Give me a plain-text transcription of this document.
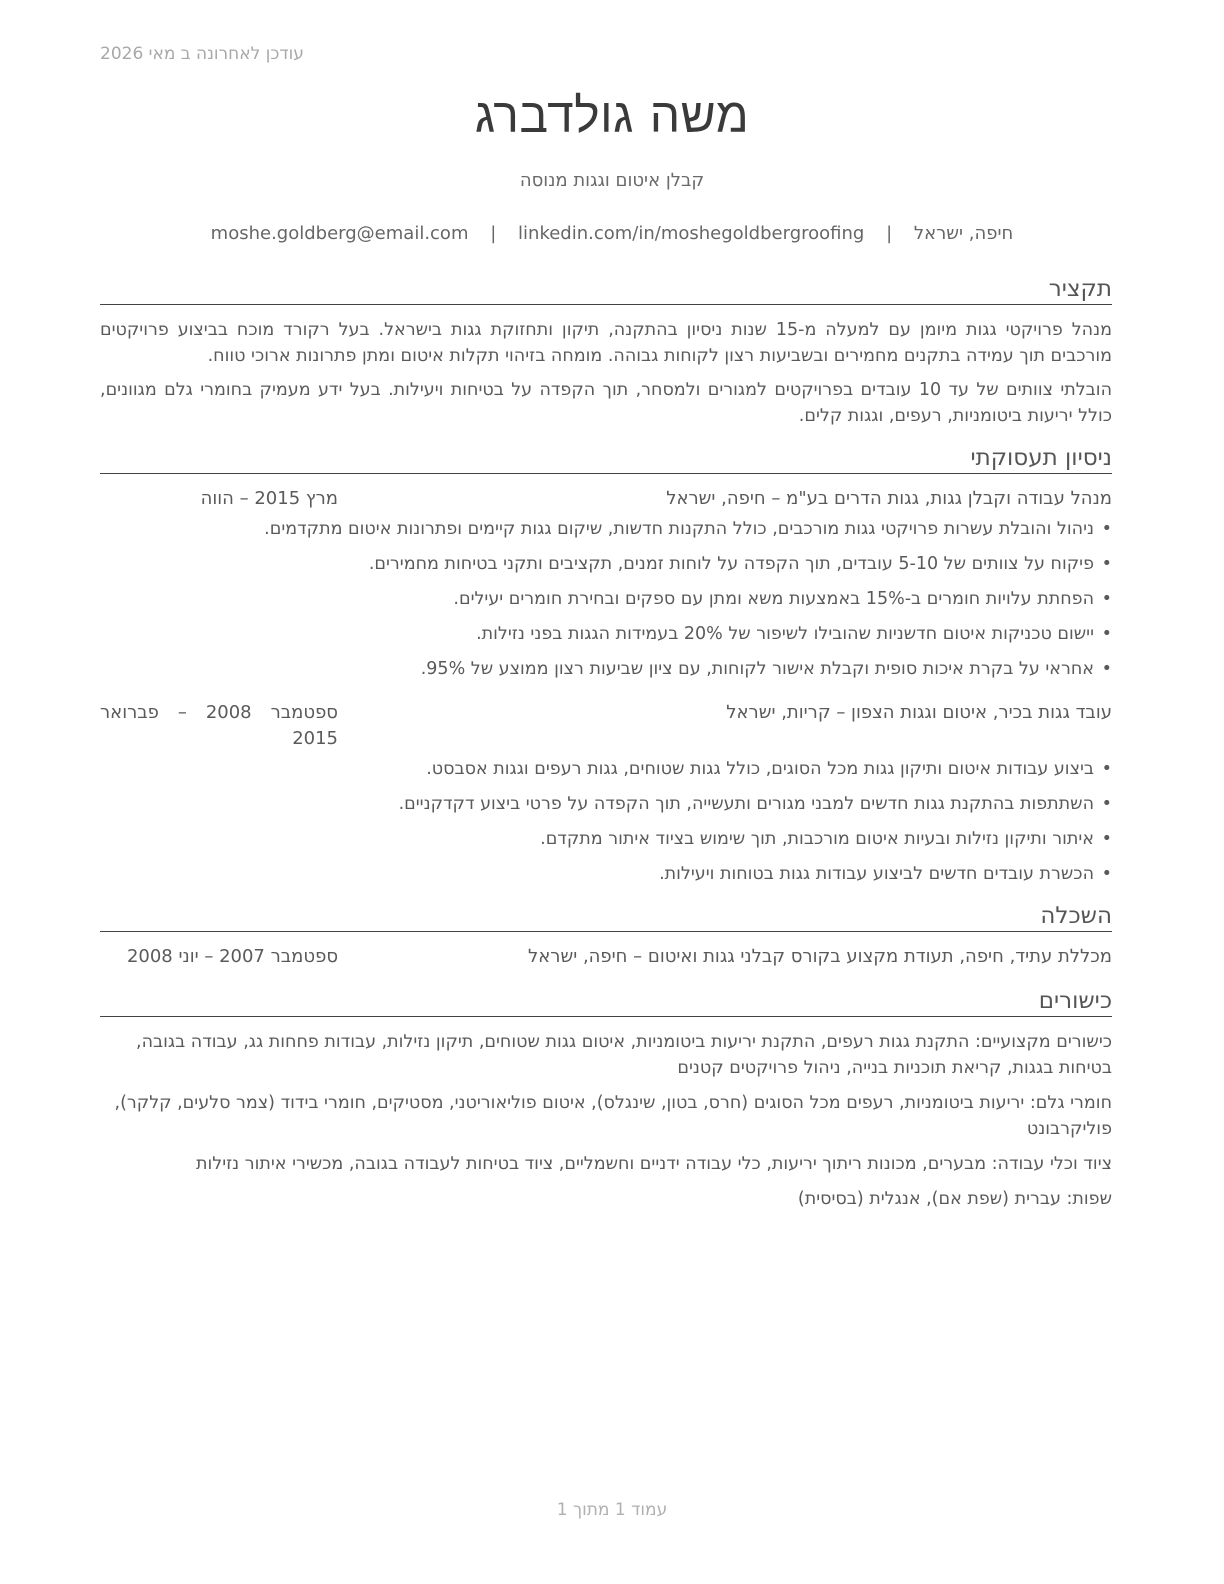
עודכן לאחרונה ב מאי 2026
משה גולדברג
קבלן איטום וגגות מנוסה
חיפה, ישראל | moshe.goldberg@email.com | linkedin.com/in/moshegoldbergroofing
תקציר

מנהל פרויקטי גגות מיומן עם למעלה מ-15 שנות ניסיון בהתקנה, תיקון ותחזוקת גגות בישראל. בעל רקורד מוכח בביצוע פרויקטים מורכבים תוך עמידה בתקנים מחמירים ובשביעות רצון לקוחות גבוהה. מומחה בזיהוי תקלות איטום ומתן פתרונות ארוכי טווח.

הובלתי צוותים של עד 10 עובדים בפרויקטים למגורים ולמסחר, תוך הקפדה על בטיחות ויעילות. בעל ידע מעמיק בחומרי גלם מגוונים, כולל יריעות ביטומניות, רעפים, וגגות קלים.

ניסיון תעסוקתי
מנהל עבודה וקבלן גגות, גגות הדרים בע"מ – חיפה, ישראל
מרץ 2015 – הווה
•
ניהול והובלת עשרות פרויקטי גגות מורכבים, כולל התקנות חדשות, שיקום גגות קיימים ופתרונות איטום מתקדמים.
•
פיקוח על צוותים של 5-10 עובדים, תוך הקפדה על לוחות זמנים, תקציבים ותקני בטיחות מחמירים.
•
הפחתת עלויות חומרים ב-15% באמצעות משא ומתן עם ספקים ובחירת חומרים יעילים.
•
יישום טכניקות איטום חדשניות שהובילו לשיפור של 20% בעמידות הגגות בפני נזילות.
•
אחראי על בקרת איכות סופית וקבלת אישור לקוחות, עם ציון שביעות רצון ממוצע של 95%.
עובד גגות בכיר, איטום וגגות הצפון – קריות, ישראל
ספטמבר 2008 – פברואר 2015
•
ביצוע עבודות איטום ותיקון גגות מכל הסוגים, כולל גגות שטוחים, גגות רעפים וגגות אסבסט.
•
השתתפות בהתקנת גגות חדשים למבני מגורים ותעשייה, תוך הקפדה על פרטי ביצוע דקדקניים.
•
איתור ותיקון נזילות ובעיות איטום מורכבות, תוך שימוש בציוד איתור מתקדם.
•
הכשרת עובדים חדשים לביצוע עבודות גגות בטוחות ויעילות.
השכלה
מכללת עתיד, חיפה, תעודת מקצוע בקורס קבלני גגות ואיטום – חיפה, ישראל
ספטמבר 2007 – יוני 2008
כישורים

כישורים מקצועיים: התקנת גגות רעפים, התקנת יריעות ביטומניות, איטום גגות שטוחים, תיקון נזילות, עבודות פחחות גג, עבודה בגובה, בטיחות בגגות, קריאת תוכניות בנייה, ניהול פרויקטים קטנים

חומרי גלם: יריעות ביטומניות, רעפים מכל הסוגים (חרס, בטון, שינגלס), איטום פוליאוריטני, מסטיקים, חומרי בידוד (צמר סלעים, קלקר), פוליקרבונט

ציוד וכלי עבודה: מבערים, מכונות ריתוך יריעות, כלי עבודה ידניים וחשמליים, ציוד בטיחות לעבודה בגובה, מכשירי איתור נזילות

שפות: עברית (שפת אם), אנגלית (בסיסית)

עמוד 1 מתוך 1
